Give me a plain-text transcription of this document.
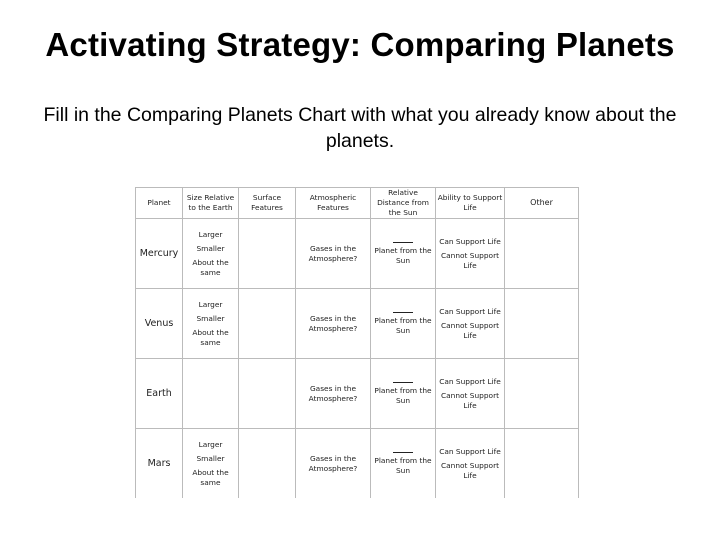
Activating Strategy: Comparing Planets
Fill in the Comparing Planets Chart with what you already know about the planets.
Planet	Size Relative to the Earth	Surface Features	Atmospheric Features	Relative Distance from the Sun	Ability to Support Life	Other
Mercury	Larger
Smaller
About the same		Gases in the Atmosphere?	Planet from the Sun	Can Support Life
Cannot Support Life	

Venus	Larger
Smaller
About the same		Gases in the Atmosphere?	Planet from the Sun	Can Support Life
Cannot Support Life	

Earth			Gases in the Atmosphere?	Planet from the Sun	Can Support Life
Cannot Support Life	

Mars	Larger
Smaller
About the same		Gases in the Atmosphere?	Planet from the Sun	Can Support Life
Cannot Support Life	
